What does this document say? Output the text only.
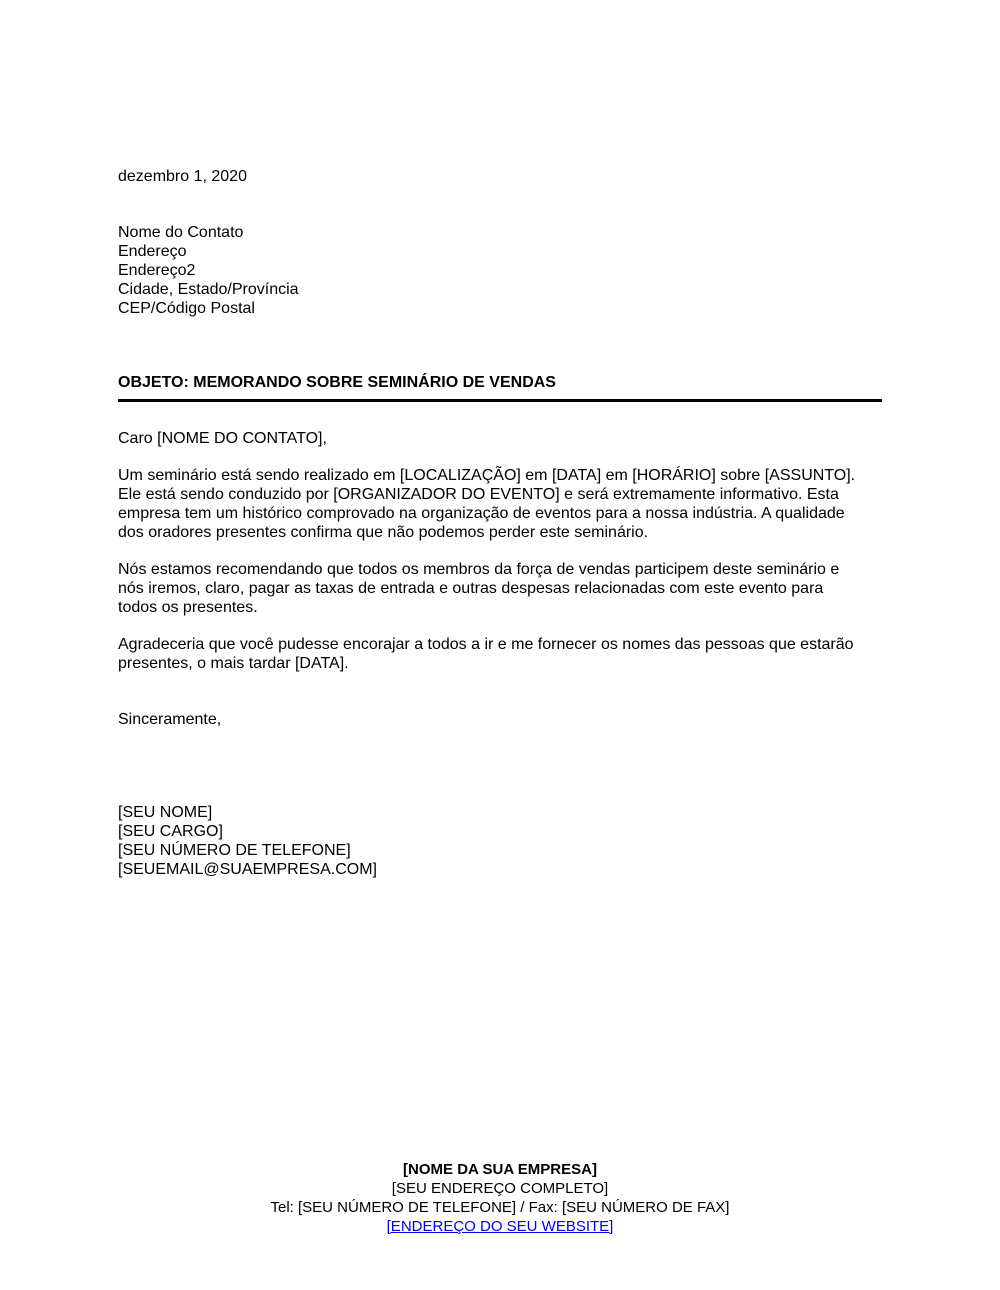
dezembro 1, 2020
Nome do Contato
Endereço
Endereço2
Cidade, Estado/Província
CEP/Código Postal
OBJETO: MEMORANDO SOBRE SEMINÁRIO DE VENDAS
Caro [NOME DO CONTATO],
Um seminário está sendo realizado em [LOCALIZAÇÃO] em [DATA] em [HORÁRIO] sobre [ASSUNTO].
Ele está sendo conduzido por [ORGANIZADOR DO EVENTO] e será extremamente informativo. Esta
empresa tem um histórico comprovado na organização de eventos para a nossa indústria. A qualidade
dos oradores presentes confirma que não podemos perder este seminário.
Nós estamos recomendando que todos os membros da força de vendas participem deste seminário e
nós iremos, claro, pagar as taxas de entrada e outras despesas relacionadas com este evento para
todos os presentes.
Agradeceria que você pudesse encorajar a todos a ir e me fornecer os nomes das pessoas que estarão
presentes, o mais tardar [DATA].
Sinceramente,
[SEU NOME]
[SEU CARGO]
[SEU NÚMERO DE TELEFONE]
[SEUEMAIL@SUAEMPRESA.COM]
[NOME DA SUA EMPRESA]
[SEU ENDEREÇO COMPLETO]
Tel: [SEU NÚMERO DE TELEFONE] / Fax: [SEU NÚMERO DE FAX]
[ENDEREÇO DO SEU WEBSITE]
